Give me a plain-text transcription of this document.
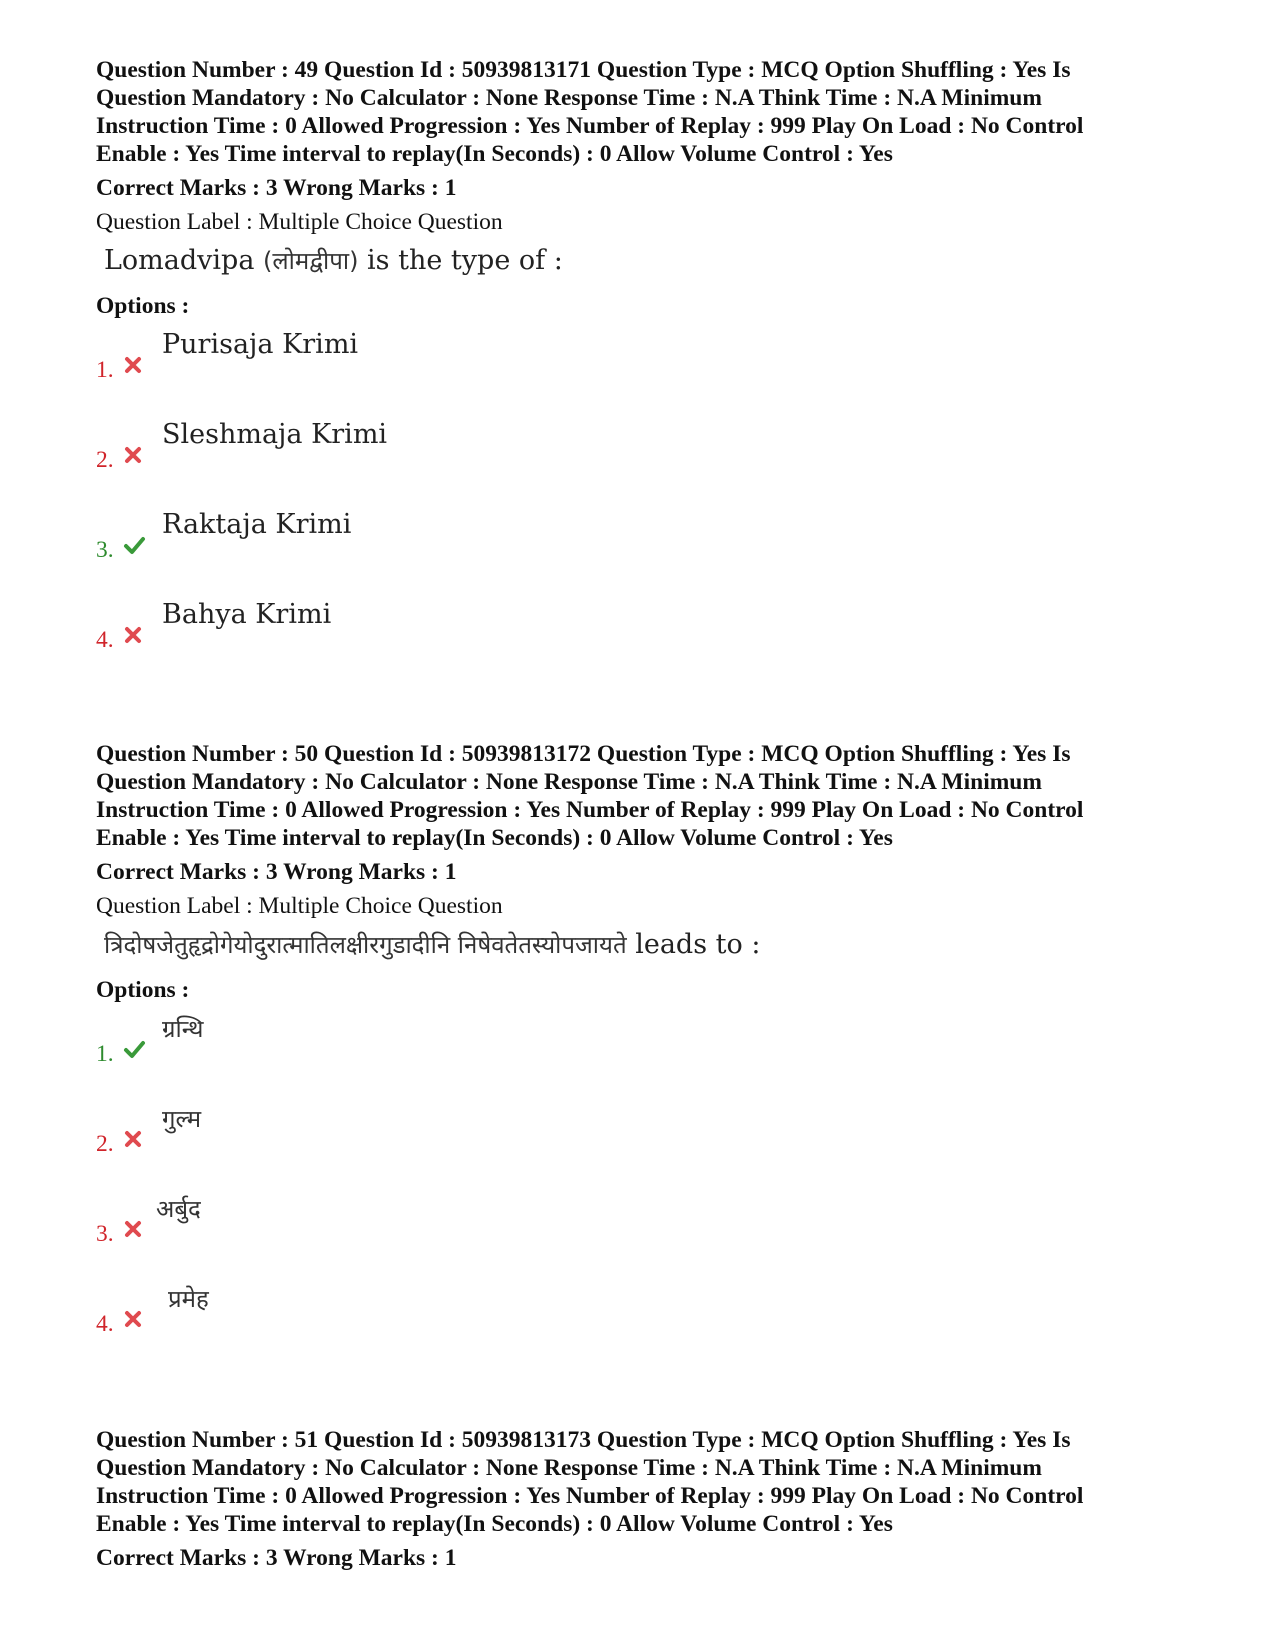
Question Number : 49 Question Id : 50939813171 Question Type : MCQ Option Shuffling : Yes Is
Question Mandatory : No Calculator : None Response Time : N.A Think Time : N.A Minimum
Instruction Time : 0 Allowed Progression : Yes Number of Replay : 999 Play On Load : No Control
Enable : Yes Time interval to replay(In Seconds) : 0 Allow Volume Control : Yes
Correct Marks : 3 Wrong Marks : 1
Question Label : Multiple Choice Question
Lomadvipa (लोमद्वीपा) is the type of :
Options :
1.
Purisaja Krimi
2.
Sleshmaja Krimi
3.
Raktaja Krimi
4.
Bahya Krimi
Question Number : 50 Question Id : 50939813172 Question Type : MCQ Option Shuffling : Yes Is
Question Mandatory : No Calculator : None Response Time : N.A Think Time : N.A Minimum
Instruction Time : 0 Allowed Progression : Yes Number of Replay : 999 Play On Load : No Control
Enable : Yes Time interval to replay(In Seconds) : 0 Allow Volume Control : Yes
Correct Marks : 3 Wrong Marks : 1
Question Label : Multiple Choice Question
त्रिदोषजेतुहृद्रोगेयोदुरात्मातिलक्षीरगुडादीनि निषेवतेतस्योपजायते leads to :
Options :
1.
ग्रन्थि
2.
गुल्म
3.
अर्बुद
4.
प्रमेह
Question Number : 51 Question Id : 50939813173 Question Type : MCQ Option Shuffling : Yes Is
Question Mandatory : No Calculator : None Response Time : N.A Think Time : N.A Minimum
Instruction Time : 0 Allowed Progression : Yes Number of Replay : 999 Play On Load : No Control
Enable : Yes Time interval to replay(In Seconds) : 0 Allow Volume Control : Yes
Correct Marks : 3 Wrong Marks : 1
